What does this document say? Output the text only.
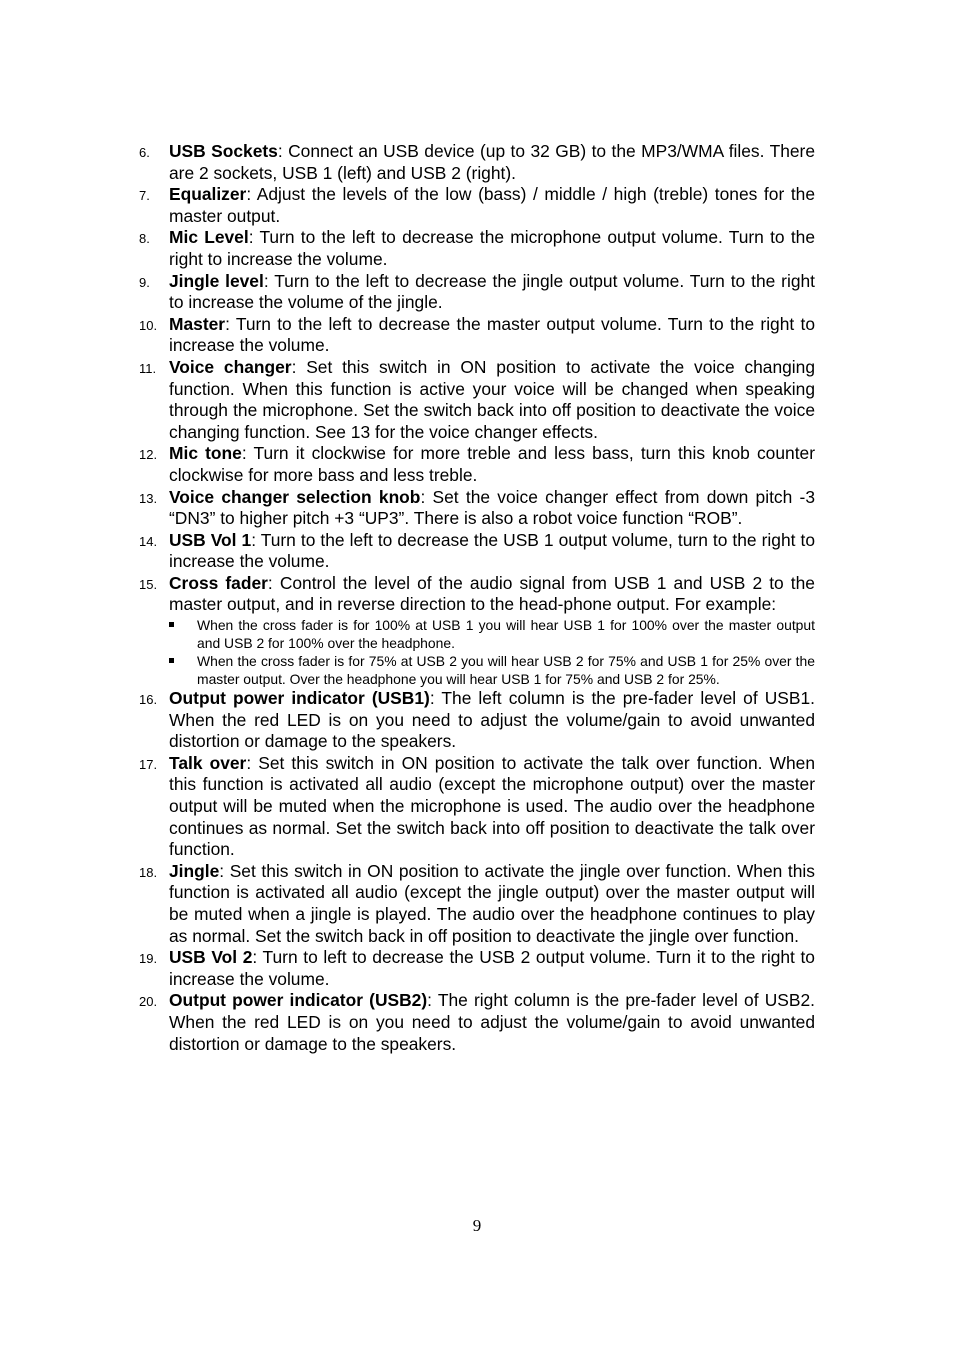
6. USB Sockets: Connect an USB device (up to 32 GB) to the MP3/WMA files. There are 2 sockets, USB 1 (left) and USB 2 (right).
7. Equalizer: Adjust the levels of the low (bass) / middle / high (treble) tones for the master output.
8. Mic Level: Turn to the left to decrease the microphone output volume. Turn to the right to increase the volume.
9. Jingle level: Turn to the left to decrease the jingle output volume. Turn to the right to increase the volume of the jingle.
10. Master: Turn to the left to decrease the master output volume. Turn to the right to increase the volume.
11. Voice changer: Set this switch in ON position to activate the voice changing function. When this function is active your voice will be changed when speaking through the microphone. Set the switch back into off position to deactivate the voice changing function. See 13 for the voice changer effects.
12. Mic tone: Turn it clockwise for more treble and less bass, turn this knob counter clockwise for more bass and less treble.
13. Voice changer selection knob: Set the voice changer effect from down pitch -3 “DN3” to higher pitch +3 “UP3”. There is also a robot voice function “ROB”.
14. USB Vol 1: Turn to the left to decrease the USB 1 output volume, turn to the right to increase the volume.
15. Cross fader: Control the level of the audio signal from USB 1 and USB 2 to the master output, and in reverse direction to the head-phone output. For example:
When the cross fader is for 100% at USB 1 you will hear USB 1 for 100% over the master output and USB 2 for 100% over the headphone.
When the cross fader is for 75% at USB 2 you will hear USB 2 for 75% and USB 1 for 25% over the master output. Over the headphone you will hear USB 1 for 75% and USB 2 for 25%.
16. Output power indicator (USB1): The left column is the pre-fader level of USB1. When the red LED is on you need to adjust the volume/gain to avoid unwanted distortion or damage to the speakers.
17. Talk over: Set this switch in ON position to activate the talk over function. When this function is activated all audio (except the microphone output) over the master output will be muted when the microphone is used. The audio over the headphone continues as normal. Set the switch back into off position to deactivate the talk over function.
18. Jingle: Set this switch in ON position to activate the jingle over function. When this function is activated all audio (except the jingle output) over the master output will be muted when a jingle is played. The audio over the headphone continues to play as normal. Set the switch back in off position to deactivate the jingle over function.
19. USB Vol 2: Turn to left to decrease the USB 2 output volume. Turn it to the right to increase the volume.
20. Output power indicator (USB2): The right column is the pre-fader level of USB2. When the red LED is on you need to adjust the volume/gain to avoid unwanted distortion or damage to the speakers.
9
